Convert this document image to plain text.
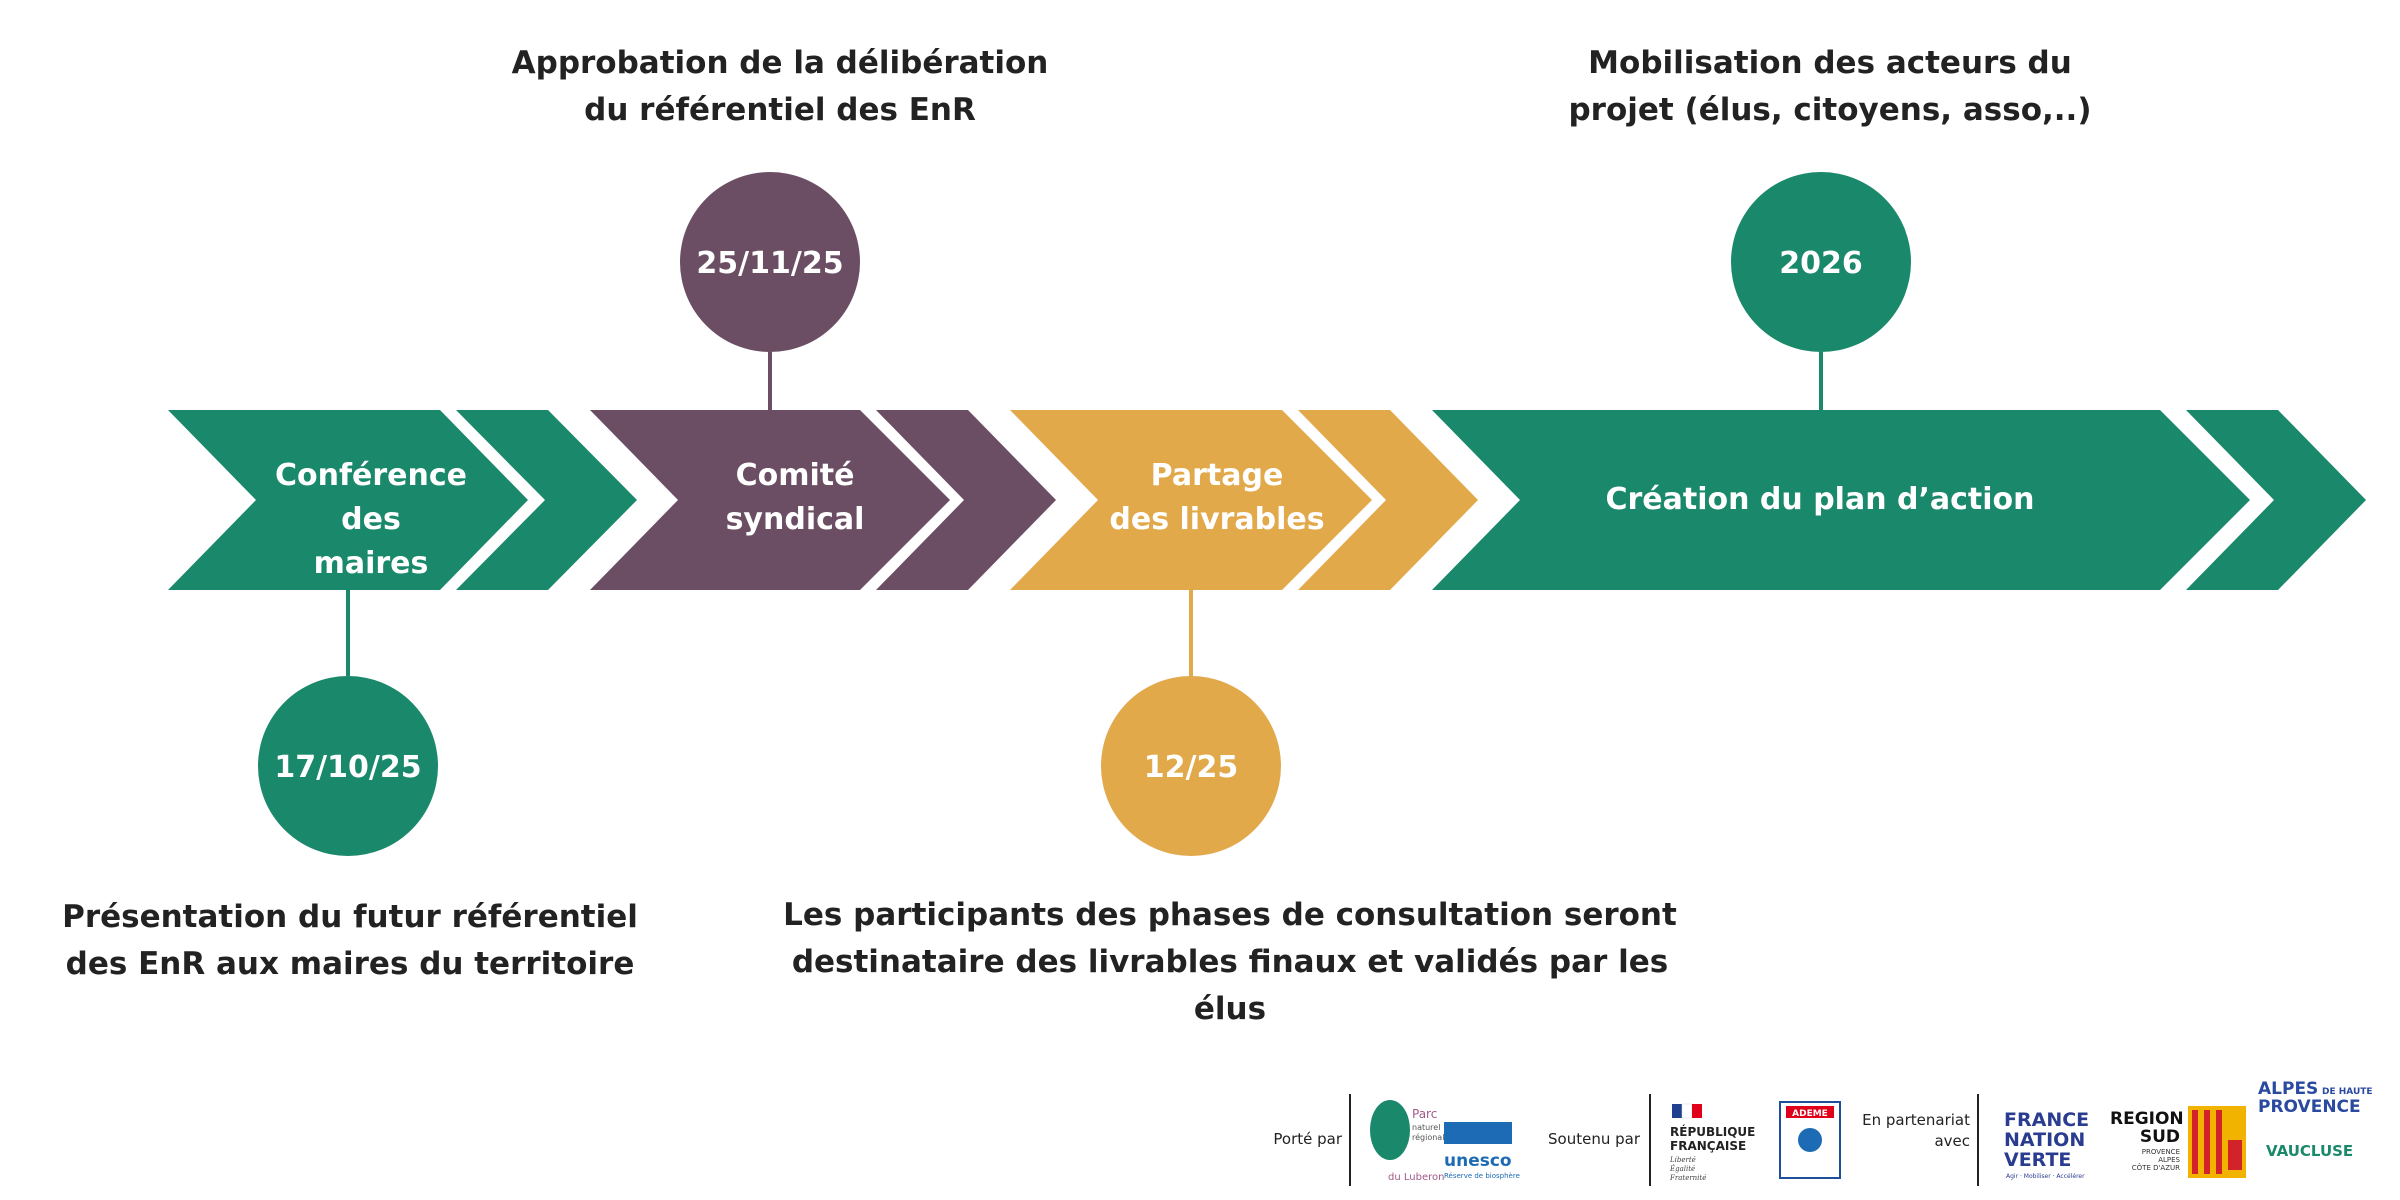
17/10/25
25/11/25
12/25
2026
Parc
naturel
régional
du Luberon
unesco
Réserve de biosphère
RÉPUBLIQUE
FRANÇAISE
Liberté
Égalité
Fraternité
ADEME	FRANCE
NATION
VERTE
Agir · Mobiliser · Accélérer
REGION
SUD
PROVENCE
ALPES
CÔTE D'AZUR
ALPES DE HAUTE
PROVENCE
VAUCLUSE
Conférence des
maires
Comité
syndical
Partage
des livrables
Création du plan d’action
Approbation de la délibération
du référentiel des EnR
Mobilisation des acteurs du
projet (élus, citoyens, asso,..)
Présentation du futur référentiel
des EnR aux maires du territoire
Les participants des phases de consultation seront
destinataire des livrables finaux et validés par les élus
Porté par	Soutenu par
En partenariat
avec
